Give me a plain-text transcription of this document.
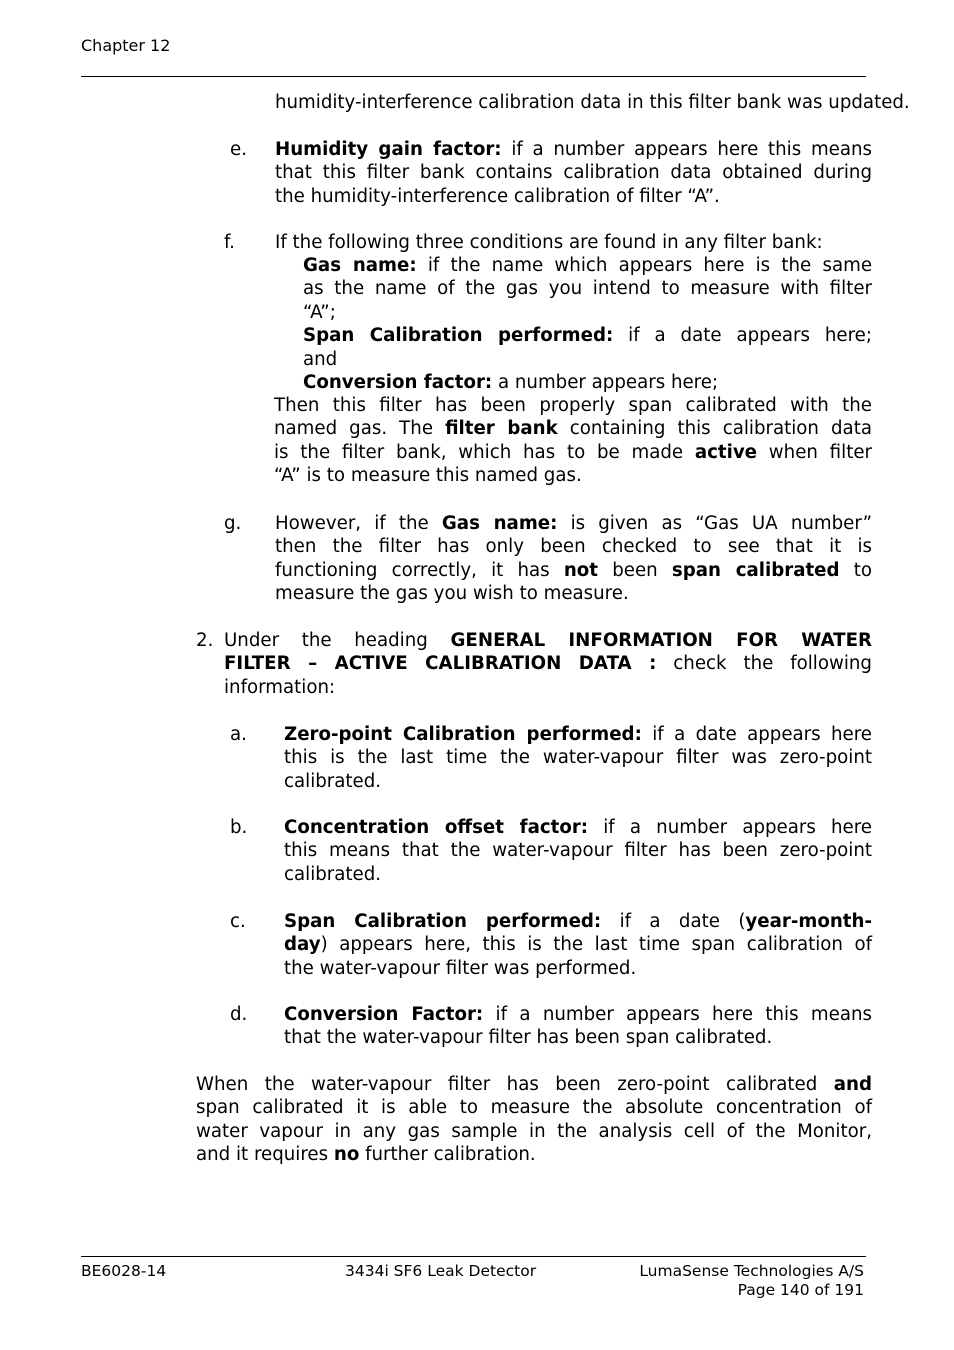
Chapter 12
humidity-interference calibration data in this filter bank was updated.
e. Humidity gain factor: if a number appears here this means
that this filter bank contains calibration data obtained during
the humidity-interference calibration of filter “A”.
f. If the following three conditions are found in any filter bank:
Gas name: if the name which appears here is the same
as the name of the gas you intend to measure with filter
“A”;
Span Calibration performed: if a date appears here;
and
Conversion factor: a number appears here;
Then this filter has been properly span calibrated with the
named gas. The filter bank containing this calibration data
is the filter bank, which has to be made active when filter
“A” is to measure this named gas.
g. However, if the Gas name: is given as “Gas UA number”
then the filter has only been checked to see that it is
functioning correctly, it has not been span calibrated to
measure the gas you wish to measure.
2. Under the heading GENERAL INFORMATION FOR WATER
FILTER – ACTIVE CALIBRATION DATA : check the following
information:
a. Zero-point Calibration performed: if a date appears here
this is the last time the water-vapour filter was zero-point
calibrated.
b. Concentration offset factor: if a number appears here
this means that the water-vapour filter has been zero-point
calibrated.
c. Span Calibration performed: if a date (year-month-
day) appears here, this is the last time span calibration of
the water-vapour filter was performed.
d. Conversion Factor: if a number appears here this means
that the water-vapour filter has been span calibrated.
When the water-vapour filter has been zero-point calibrated and
span calibrated it is able to measure the absolute concentration of
water vapour in any gas sample in the analysis cell of the Monitor,
and it requires no further calibration.
BE6028-14	3434i SF6 Leak Detector	LumaSense Technologies A/S
Page 140 of 191
